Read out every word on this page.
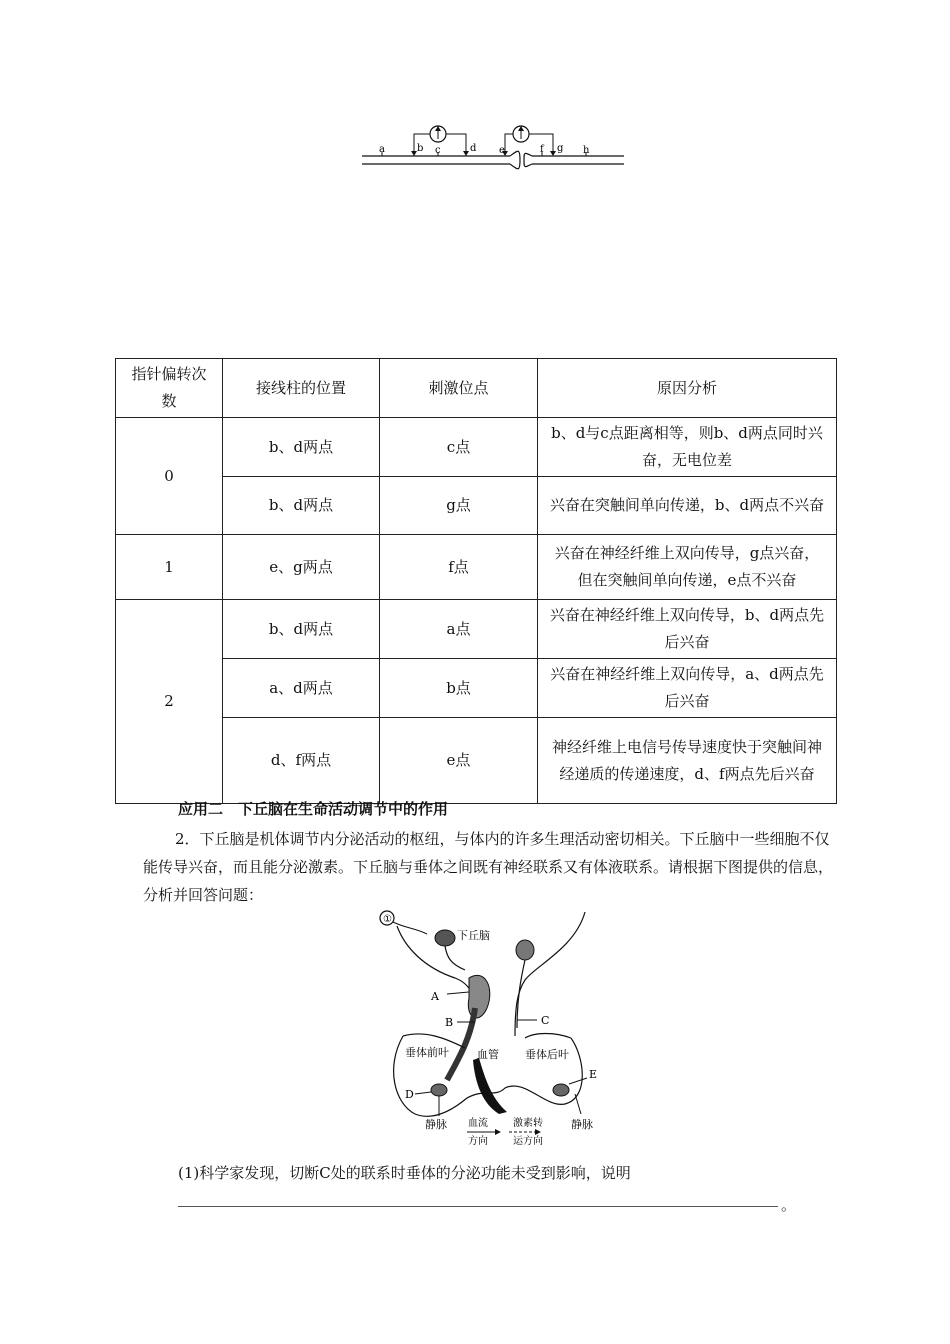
a	b c	d e	f g h
指针偏转次数	接线柱的位置	刺激位点	原因分析
0	b、d两点	c点	b、d与c点距离相等，则b、d两点同时兴奋，无电位差
	b、d两点	g点	兴奋在突触间单向传递，b、d两点不兴奋
1	e、g两点	f点	兴奋在神经纤维上双向传导，g点兴奋，但在突触间单向传递，e点不兴奋
2	b、d两点	a点	兴奋在神经纤维上双向传导，b、d两点先后兴奋
	a、d两点	b点	兴奋在神经纤维上双向传导，a、d两点先后兴奋
	d、f两点	e点	神经纤维上电信号传导速度快于突触间神经递质的传递速度，d、f两点先后兴奋
应用二　下丘脑在生命活动调节中的作用
2．下丘脑是机体调节内分泌活动的枢纽，与体内的许多生理活动密切相关。下丘脑中一些细胞不仅能传导兴奋，而且能分泌激素。下丘脑与垂体之间既有神经联系又有体液联系。请根据下图提供的信息，分析并回答问题：
①
下丘脑
A
B	C
垂体前叶	垂体后叶
血管
D
静脉
E
静脉
血流
方向
激素转
运方向
(1)科学家发现，切断C处的联系时垂体的分泌功能未受到影响，说明
。
